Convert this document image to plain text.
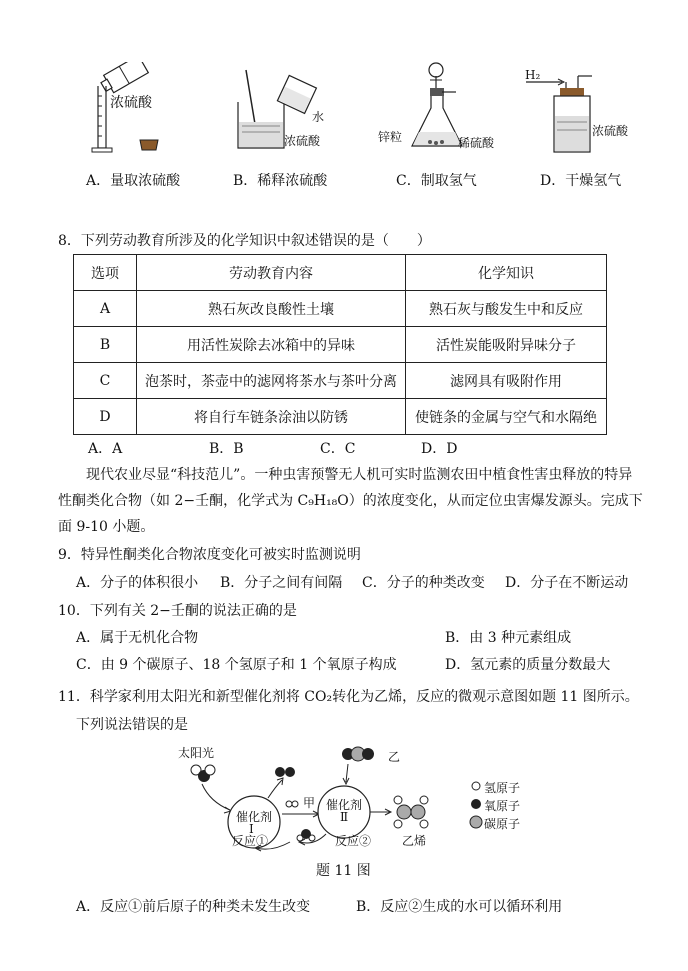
浓硫酸
A．量取浓硫酸
水
浓硫酸
B．稀释浓硫酸
锌粒	稀硫酸
C．制取氢气
H₂
浓硫酸
D．干燥氢气
8．下列劳动教育所涉及的化学知识中叙述错误的是（　　）
选项	劳动教育内容	化学知识
A	熟石灰改良酸性土壤	熟石灰与酸发生中和反应
B	用活性炭除去冰箱中的异味	活性炭能吸附异味分子
C	泡茶时，茶壶中的滤网将茶水与茶叶分离	滤网具有吸附作用
D	将自行车链条涂油以防锈	使链条的金属与空气和水隔绝
A．A	B．B	C．C	D．D
现代农业尽显“科技范儿”。一种虫害预警无人机可实时监测农田中植食性害虫释放的特异
性酮类化合物（如 2−壬酮，化学式为 C₉H₁₈O）的浓度变化，从而定位虫害爆发源头。完成下
面 9-10 小题。
9．特异性酮类化合物浓度变化可被实时监测说明
A．分子的体积很小 B．分子之间有间隔 C．分子的种类改变 D．分子在不断运动
10．下列有关 2−壬酮的说法正确的是
A．属于无机化合物	B．由 3 种元素组成
C．由 9 个碳原子、18 个氢原子和 1 个氧原子构成	D．氢元素的质量分数最大
11．科学家利用太阳光和新型催化剂将 CO₂转化为乙烯，反应的微观示意图如题 11 图所示。
下列说法错误的是
太阳光
催化剂
Ⅰ
甲
乙
催化剂
Ⅱ
乙烯
反应①	反应②
氢原子
氧原子
碳原子
题 11 图
A．反应①前后原子的种类未发生改变	B．反应②生成的水可以循环利用
